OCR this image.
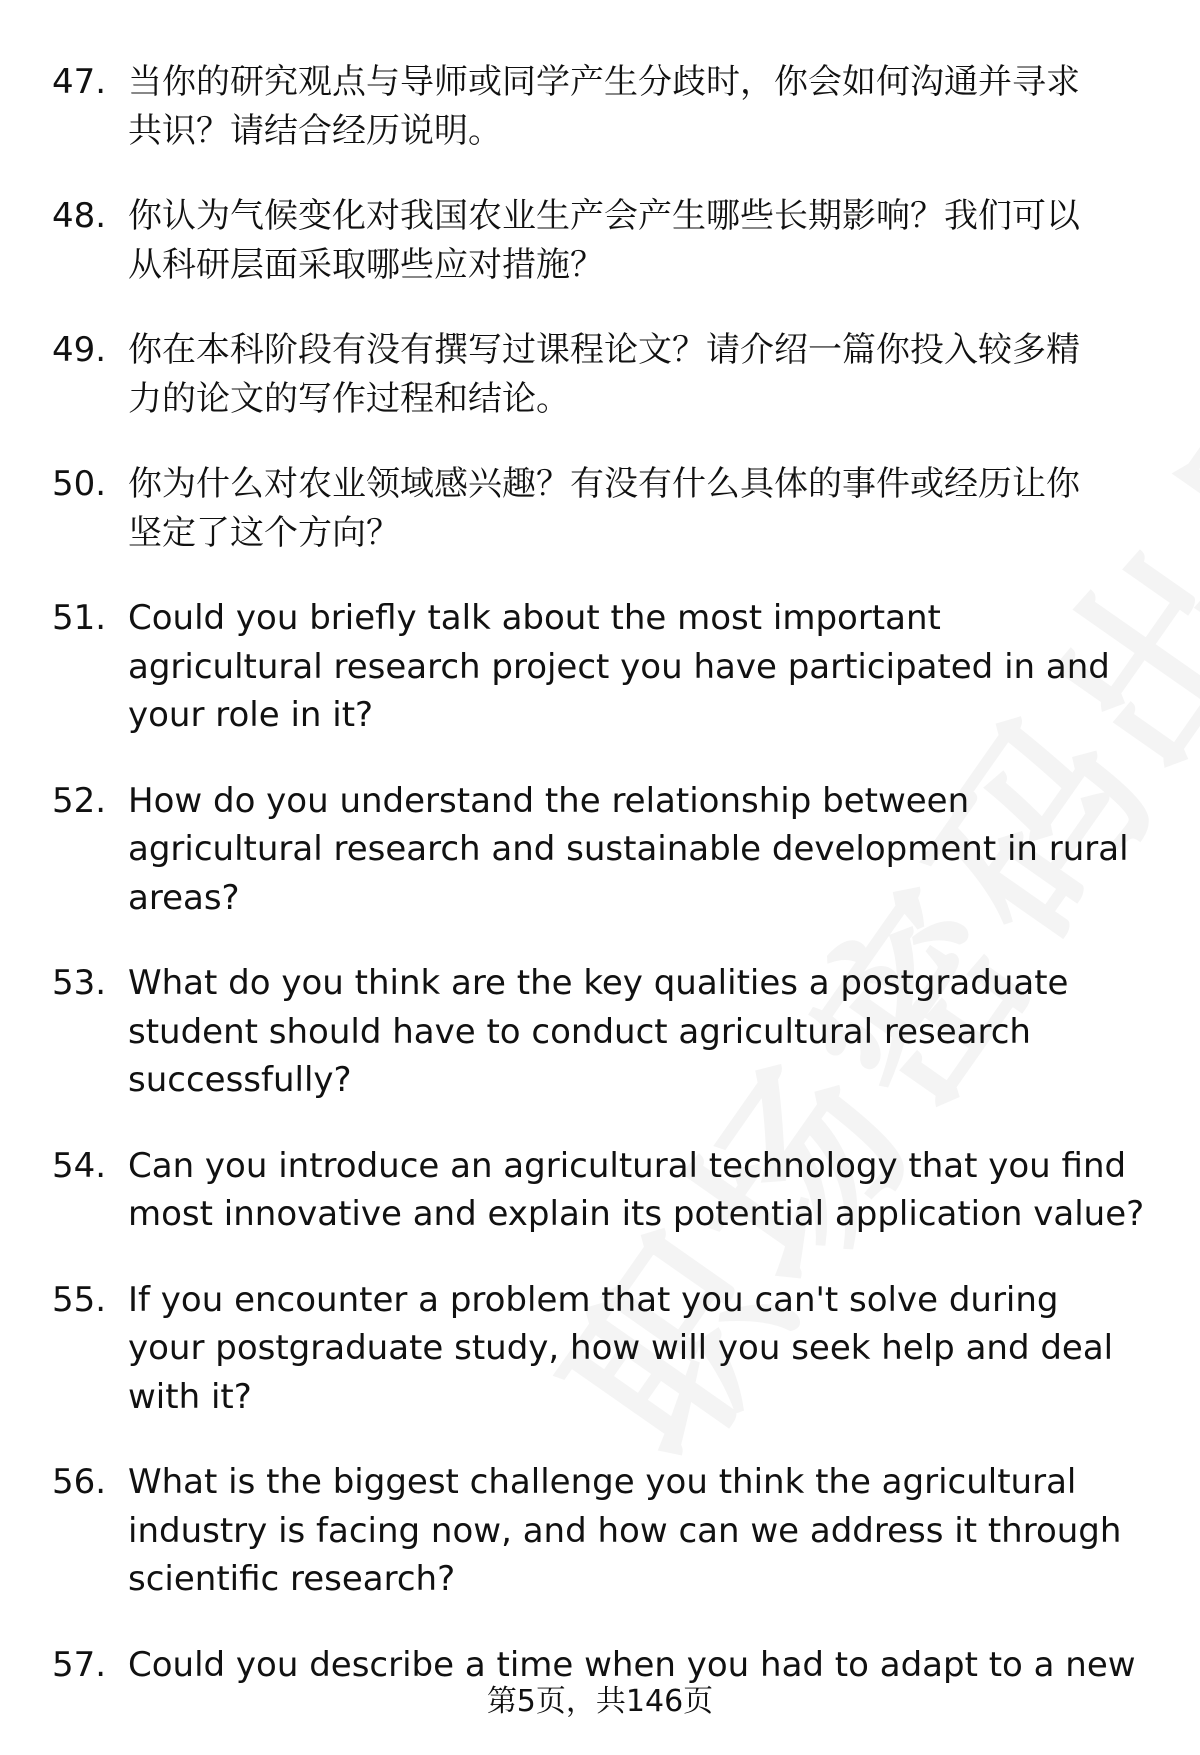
47. 当你的研究观点与导师或同学产生分歧时，你会如何沟通并寻求
共识？请结合经历说明。
48. 你认为气候变化对我国农业生产会产生哪些长期影响？我们可以
从科研层面采取哪些应对措施？
49. 你在本科阶段有没有撰写过课程论文？请介绍一篇你投入较多精
力的论文的写作过程和结论。
50. 你为什么对农业领域感兴趣？有没有什么具体的事件或经历让你
坚定了这个方向？
51. Could you briefly talk about the most important
agricultural research project you have participated in and
your role in it?
52. How do you understand the relationship between
agricultural research and sustainable development in rural
areas?
53. What do you think are the key qualities a postgraduate
student should have to conduct agricultural research
successfully?
54. Can you introduce an agricultural technology that you find
most innovative and explain its potential application value?
55. If you encounter a problem that you can't solve during
your postgraduate study, how will you seek help and deal
with it?
56. What is the biggest challenge you think the agricultural
industry is facing now, and how can we address it through
scientific research?
57. Could you describe a time when you had to adapt to a new
第5页，共146页
